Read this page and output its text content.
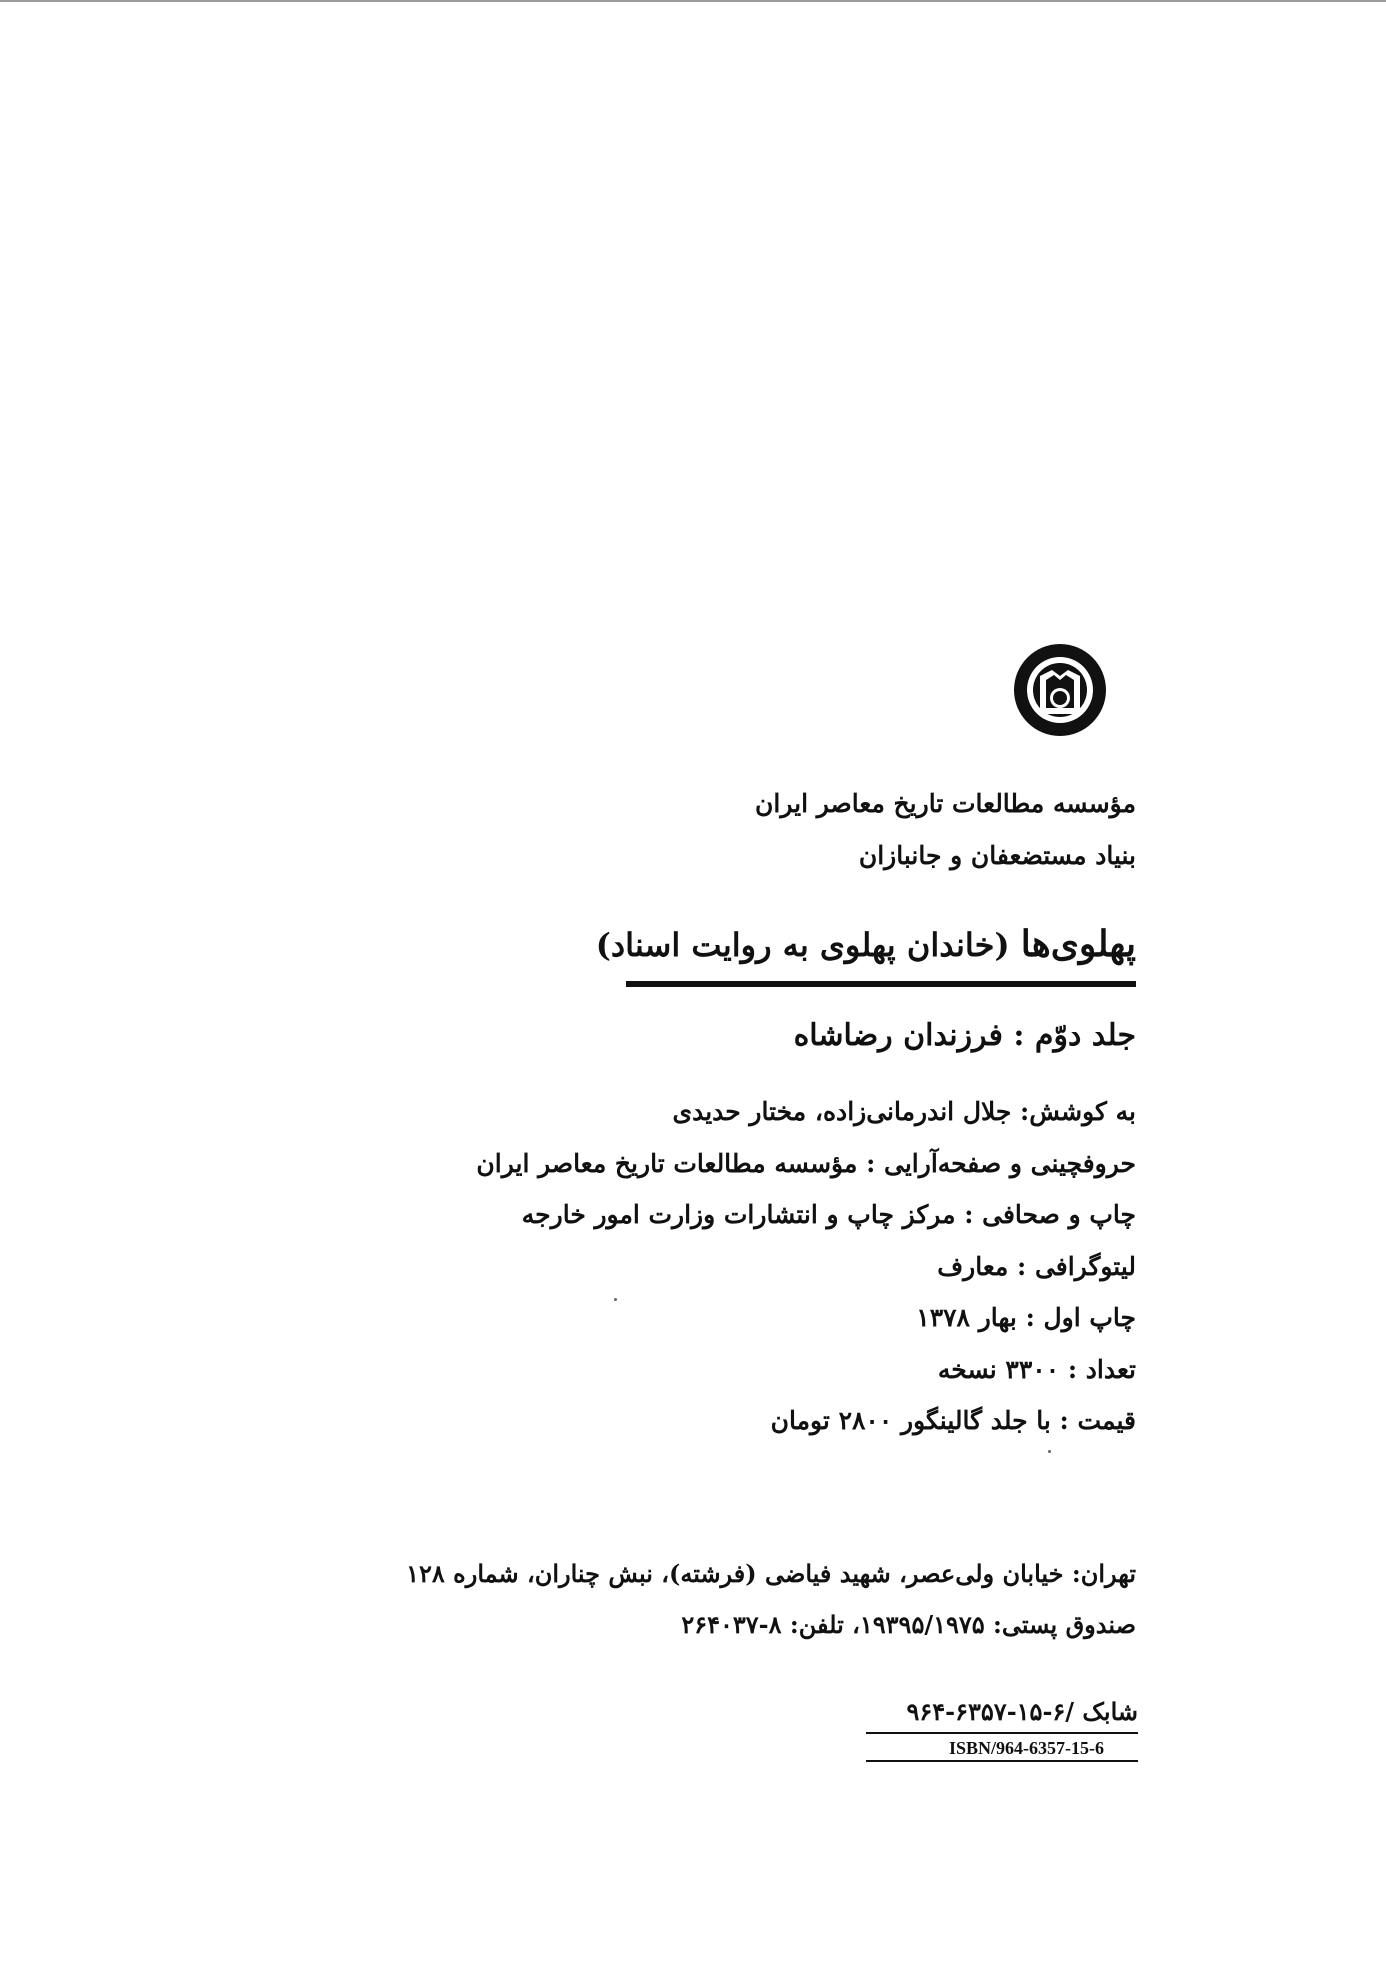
مؤسسه مطالعات تاریخ معاصر ایران
بنیاد مستضعفان و جانبازان
پهلوی‌ها (خاندان پهلوی به روایت اسناد)
جلد دوّم : فرزندان رضاشاه
به کوشش: جلال اندرمانی‌زاده، مختار حدیدی
حروفچینی و صفحه‌آرایی : مؤسسه مطالعات تاریخ معاصر ایران
چاپ و صحافی : مرکز چاپ و انتشارات وزارت امور خارجه
لیتوگرافی : معارف
چاپ اول : بهار ۱۳۷۸
تعداد : ۳۳۰۰ نسخه
قیمت : با جلد گالینگور ۲۸۰۰ تومان
تهران: خیابان ولی‌عصر، شهید فیاضی (فرشته)، نبش چناران، شماره ۱۲۸
صندوق پستی: ۱۹۳۹۵/۱۹۷۵، تلفن: ۸-۲۶۴۰۳۷
شابک /۶-۱۵-۶۳۵۷-۹۶۴
ISBN/964-6357-15-6
